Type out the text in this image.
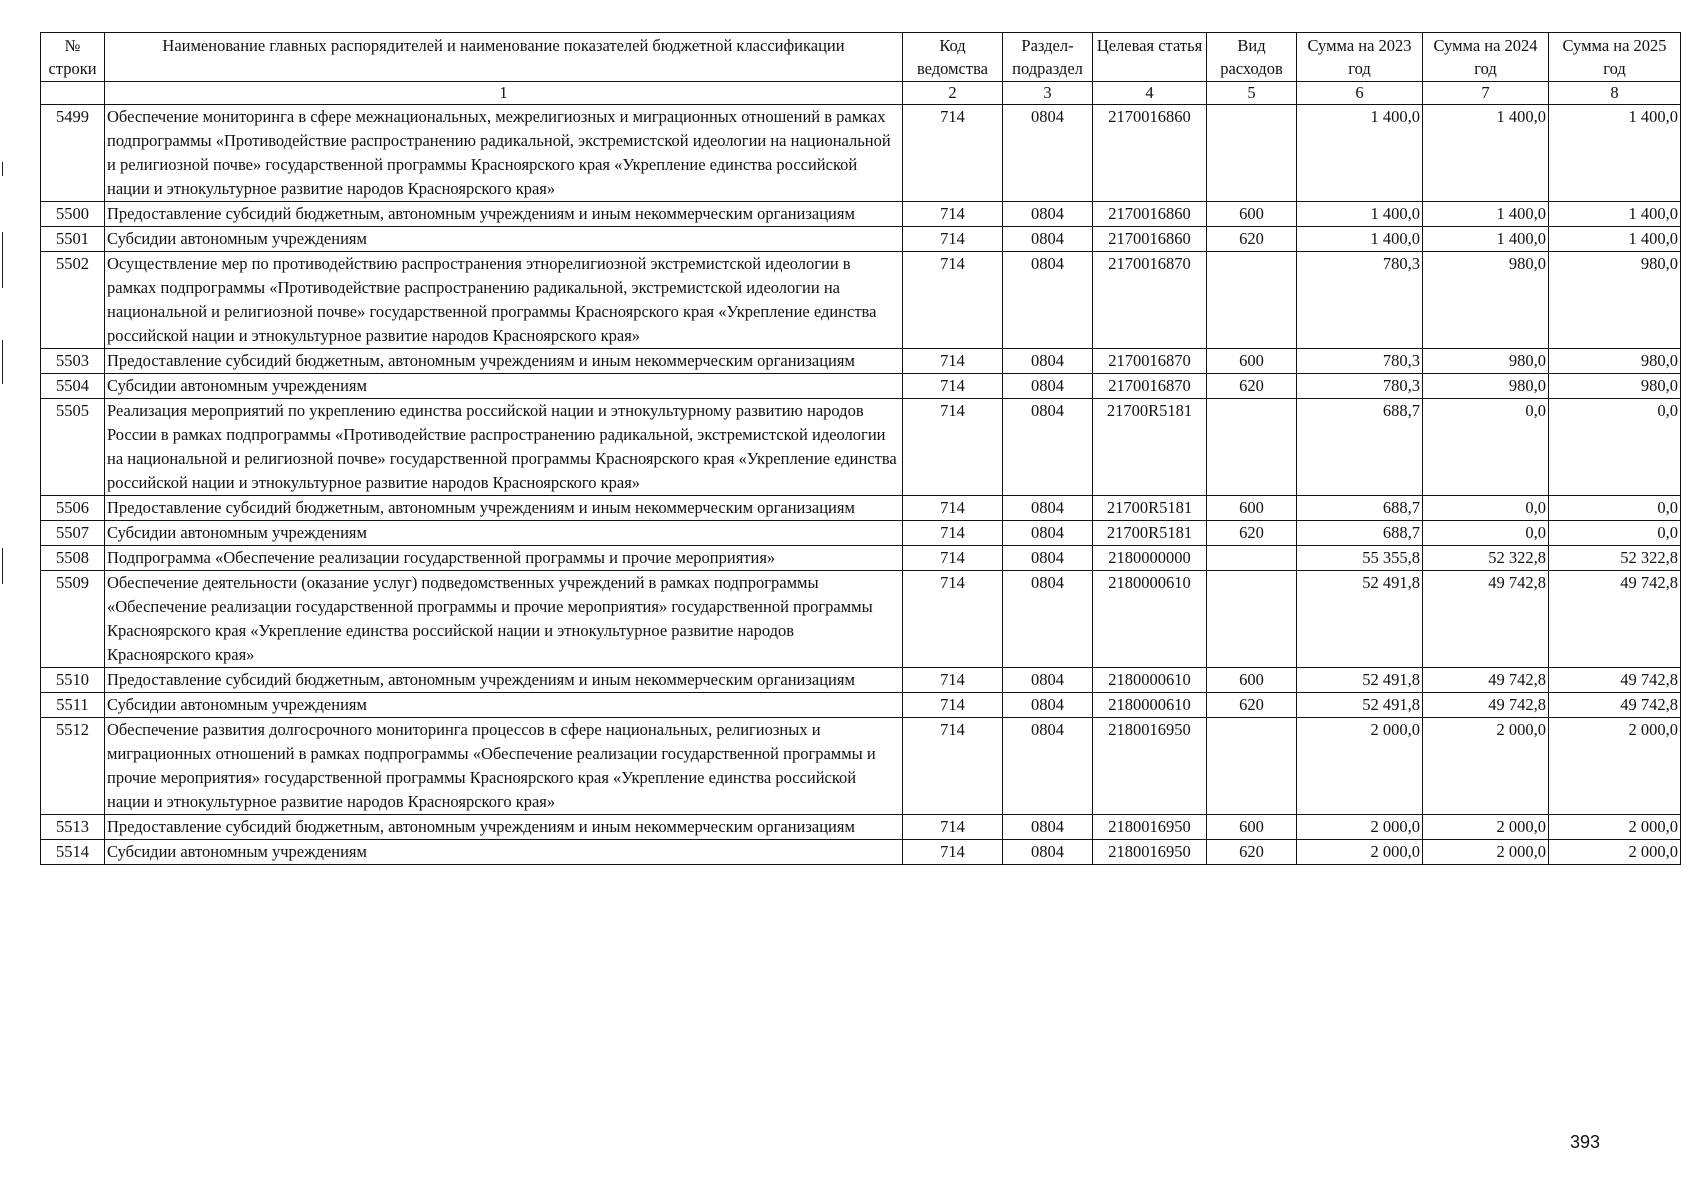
№ строки	Наименование главных распорядителей и наименование показателей бюджетной классификации	Код ведомства	Раздел-подраздел	Целевая статья	Вид расходов	Сумма на 2023 год	Сумма на 2024 год	Сумма на 2025 год
	1	2	3	4	5	6	7	8
5499	Обеспечение мониторинга в сфере межнациональных, межрелигиозных и миграционных отношений в рамках подпрограммы «Противодействие распространению радикальной, экстремистской идеологии на национальной и религиозной почве» государственной программы Красноярского края «Укрепление единства российской нации и этнокультурное развитие народов Красноярского края»	714	0804	2170016860		1 400,0	1 400,0	1 400,0
5500	Предоставление субсидий бюджетным, автономным учреждениям и иным некоммерческим организациям	714	0804	2170016860	600	1 400,0	1 400,0	1 400,0
5501	Субсидии автономным учреждениям	714	0804	2170016860	620	1 400,0	1 400,0	1 400,0
5502	Осуществление мер по противодействию распространения этнорелигиозной экстремистской идеологии в рамках подпрограммы «Противодействие распространению радикальной, экстремистской идеологии на национальной и религиозной почве» государственной программы Красноярского края «Укрепление единства российской нации и этнокультурное развитие народов Красноярского края»	714	0804	2170016870		780,3	980,0	980,0
5503	Предоставление субсидий бюджетным, автономным учреждениям и иным некоммерческим организациям	714	0804	2170016870	600	780,3	980,0	980,0
5504	Субсидии автономным учреждениям	714	0804	2170016870	620	780,3	980,0	980,0
5505	Реализация мероприятий по укреплению единства российской нации и этнокультурному развитию народов России в рамках подпрограммы «Противодействие распространению радикальной, экстремистской идеологии на национальной и религиозной почве» государственной программы Красноярского края «Укрепление единства российской нации и этнокультурное развитие народов Красноярского края»	714	0804	21700R5181		688,7	0,0	0,0
5506	Предоставление субсидий бюджетным, автономным учреждениям и иным некоммерческим организациям	714	0804	21700R5181	600	688,7	0,0	0,0
5507	Субсидии автономным учреждениям	714	0804	21700R5181	620	688,7	0,0	0,0
5508	Подпрограмма «Обеспечение реализации государственной программы и прочие мероприятия»	714	0804	2180000000		55 355,8	52 322,8	52 322,8
5509	Обеспечение деятельности (оказание услуг) подведомственных учреждений в рамках подпрограммы «Обеспечение реализации государственной программы и прочие мероприятия» государственной программы Красноярского края «Укрепление единства российской нации и этнокультурное развитие народов Красноярского края»	714	0804	2180000610		52 491,8	49 742,8	49 742,8
5510	Предоставление субсидий бюджетным, автономным учреждениям и иным некоммерческим организациям	714	0804	2180000610	600	52 491,8	49 742,8	49 742,8
5511	Субсидии автономным учреждениям	714	0804	2180000610	620	52 491,8	49 742,8	49 742,8
5512	Обеспечение развития долгосрочного мониторинга процессов в сфере национальных, религиозных и миграционных отношений в рамках подпрограммы «Обеспечение реализации государственной программы и прочие мероприятия» государственной программы Красноярского края «Укрепление единства российской нации и этнокультурное развитие народов Красноярского края»	714	0804	2180016950		2 000,0	2 000,0	2 000,0
5513	Предоставление субсидий бюджетным, автономным учреждениям и иным некоммерческим организациям	714	0804	2180016950	600	2 000,0	2 000,0	2 000,0
5514	Субсидии автономным учреждениям	714	0804	2180016950	620	2 000,0	2 000,0	2 000,0
393
